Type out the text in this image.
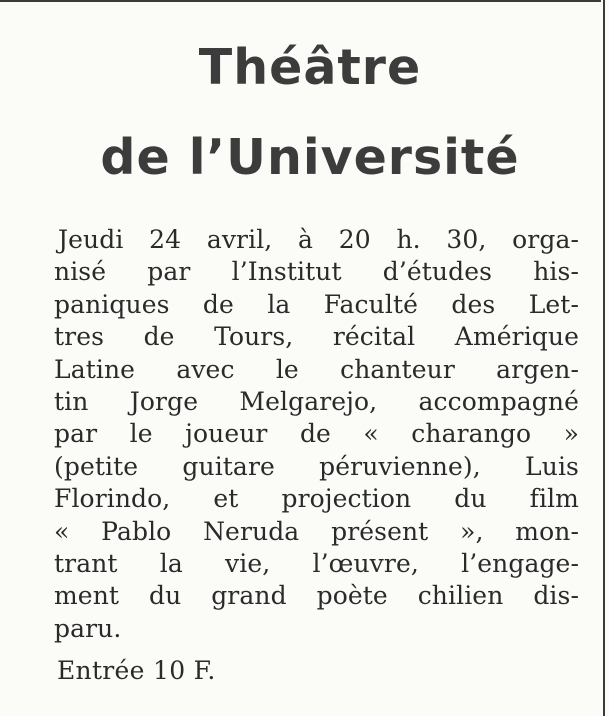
Théâtre
de l’Université
Jeudi 24 avril, à 20 h. 30, orga-
nisé par l’Institut d’études his-
paniques de la Faculté des Let-
tres de Tours, récital Amérique
Latine avec le chanteur argen-
tin Jorge Melgarejo, accompagné
par le joueur de « charango »
(petite guitare péruvienne), Luis
Florindo, et projection du film
« Pablo Neruda présent », mon-
trant la vie, l’œuvre, l’engage-
ment du grand poète chilien dis-
paru.
Entrée 10 F.
